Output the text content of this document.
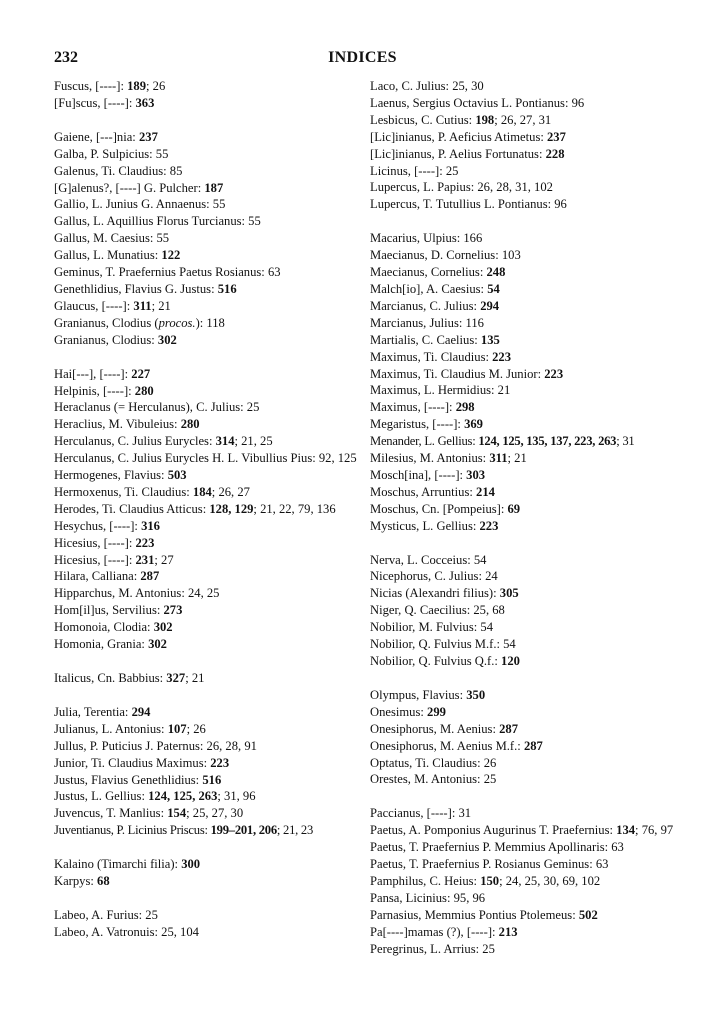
232	INDICES
Fuscus, [----]: 189; 26
[Fu]scus, [----]: 363
Gaiene, [---]nia: 237
Galba, P. Sulpicius: 55
Galenus, Ti. Claudius: 85
[G]alenus?, [----] G. Pulcher: 187
Gallio, L. Junius G. Annaenus: 55
Gallus, L. Aquillius Florus Turcianus: 55
Gallus, M. Caesius: 55
Gallus, L. Munatius: 122
Geminus, T. Praefernius Paetus Rosianus: 63
Genethlidius, Flavius G. Justus: 516
Glaucus, [----]: 311; 21
Granianus, Clodius (procos.): 118
Granianus, Clodius: 302
Hai[---], [----]: 227
Helpinis, [----]: 280
Heraclanus (= Herculanus), C. Julius: 25
Heraclius, M. Vibuleius: 280
Herculanus, C. Julius Eurycles: 314; 21, 25
Herculanus, C. Julius Eurycles H. L. Vibullius Pius: 92, 125
Hermogenes, Flavius: 503
Hermoxenus, Ti. Claudius: 184; 26, 27
Herodes, Ti. Claudius Atticus: 128, 129; 21, 22, 79, 136
Hesychus, [----]: 316
Hicesius, [----]: 223
Hicesius, [----]: 231; 27
Hilara, Calliana: 287
Hipparchus, M. Antonius: 24, 25
Hom[il]us, Servilius: 273
Homonoia, Clodia: 302
Homonia, Grania: 302
Italicus, Cn. Babbius: 327; 21
Julia, Terentia: 294
Julianus, L. Antonius: 107; 26
Jullus, P. Puticius J. Paternus: 26, 28, 91
Junior, Ti. Claudius Maximus: 223
Justus, Flavius Genethlidius: 516
Justus, L. Gellius: 124, 125, 263; 31, 96
Juvencus, T. Manlius: 154; 25, 27, 30
Juventianus, P. Licinius Priscus: 199–201, 206; 21, 23
Kalaino (Timarchi filia): 300
Karpys: 68
Labeo, A. Furius: 25
Labeo, A. Vatronuis: 25, 104
Laco, C. Julius: 25, 30
Laenus, Sergius Octavius L. Pontianus: 96
Lesbicus, C. Cutius: 198; 26, 27, 31
[Lic]inianus, P. Aeficius Atimetus: 237
[Lic]inianus, P. Aelius Fortunatus: 228
Licinus, [----]: 25
Lupercus, L. Papius: 26, 28, 31, 102
Lupercus, T. Tutullius L. Pontianus: 96
Macarius, Ulpius: 166
Maecianus, D. Cornelius: 103
Maecianus, Cornelius: 248
Malch[io], A. Caesius: 54
Marcianus, C. Julius: 294
Marcianus, Julius: 116
Martialis, C. Caelius: 135
Maximus, Ti. Claudius: 223
Maximus, Ti. Claudius M. Junior: 223
Maximus, L. Hermidius: 21
Maximus, [----]: 298
Megaristus, [----]: 369
Menander, L. Gellius: 124, 125, 135, 137, 223, 263; 31
Milesius, M. Antonius: 311; 21
Mosch[ina], [----]: 303
Moschus, Arruntius: 214
Moschus, Cn. [Pompeius]: 69
Mysticus, L. Gellius: 223
Nerva, L. Cocceius: 54
Nicephorus, C. Julius: 24
Nicias (Alexandri filius): 305
Niger, Q. Caecilius: 25, 68
Nobilior, M. Fulvius: 54
Nobilior, Q. Fulvius M.f.: 54
Nobilior, Q. Fulvius Q.f.: 120
Olympus, Flavius: 350
Onesimus: 299
Onesiphorus, M. Aenius: 287
Onesiphorus, M. Aenius M.f.: 287
Optatus, Ti. Claudius: 26
Orestes, M. Antonius: 25
Paccianus, [----]: 31
Paetus, A. Pomponius Augurinus T. Praefernius: 134; 76, 97
Paetus, T. Praefernius P. Memmius Apollinaris: 63
Paetus, T. Praefernius P. Rosianus Geminus: 63
Pamphilus, C. Heius: 150; 24, 25, 30, 69, 102
Pansa, Licinius: 95, 96
Parnasius, Memmius Pontius Ptolemeus: 502
Pa[----]mamas (?), [----]: 213
Peregrinus, L. Arrius: 25
